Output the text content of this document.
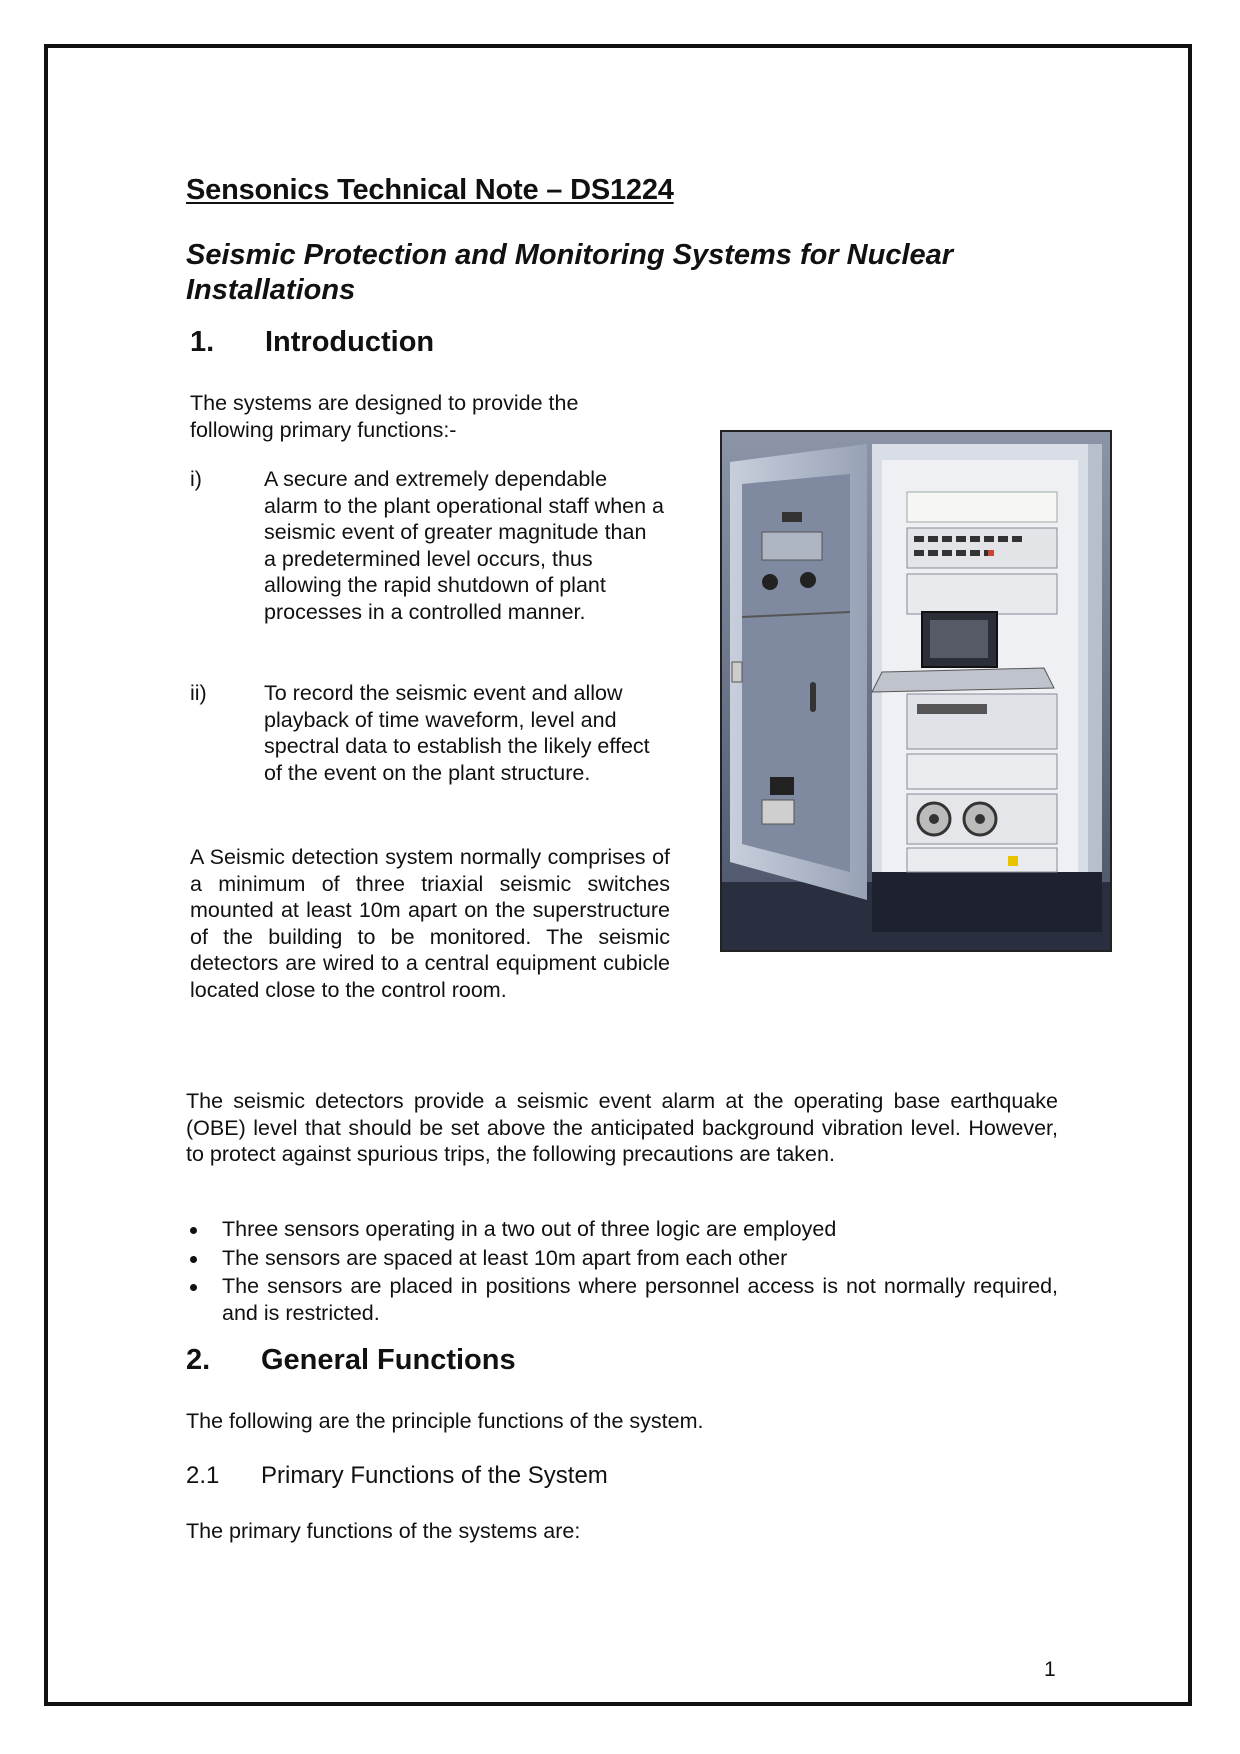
Sensonics Technical Note – DS1224

Seismic Protection and Monitoring Systems for Nuclear Installations

1. Introduction

The systems are designed to provide the following primary functions:-

i)	A secure and extremely dependable alarm to the plant operational staff when a seismic event of greater magnitude than a predetermined level occurs, thus allowing the rapid shutdown of plant processes in a controlled manner.
ii)	To record the seismic event and allow playback of time waveform, level and spectral data to establish the likely effect of the event on the plant structure.

A Seismic detection system normally comprises of a minimum of three triaxial seismic switches mounted at least 10m apart on the superstructure of the building to be monitored. The seismic detectors are wired to a central equipment cubicle located close to the control room.

The seismic detectors provide a seismic event alarm at the operating base earthquake (OBE) level that should be set above the anticipated background vibration level. However, to protect against spurious trips, the following precautions are taken.

Three sensors operating in a two out of three logic are employed
The sensors are spaced at least 10m apart from each other
The sensors are placed in positions where personnel access is not normally required, and is restricted.

2. General Functions

The following are the principle functions of the system.

2.1 Primary Functions of the System

The primary functions of the systems are:

1
